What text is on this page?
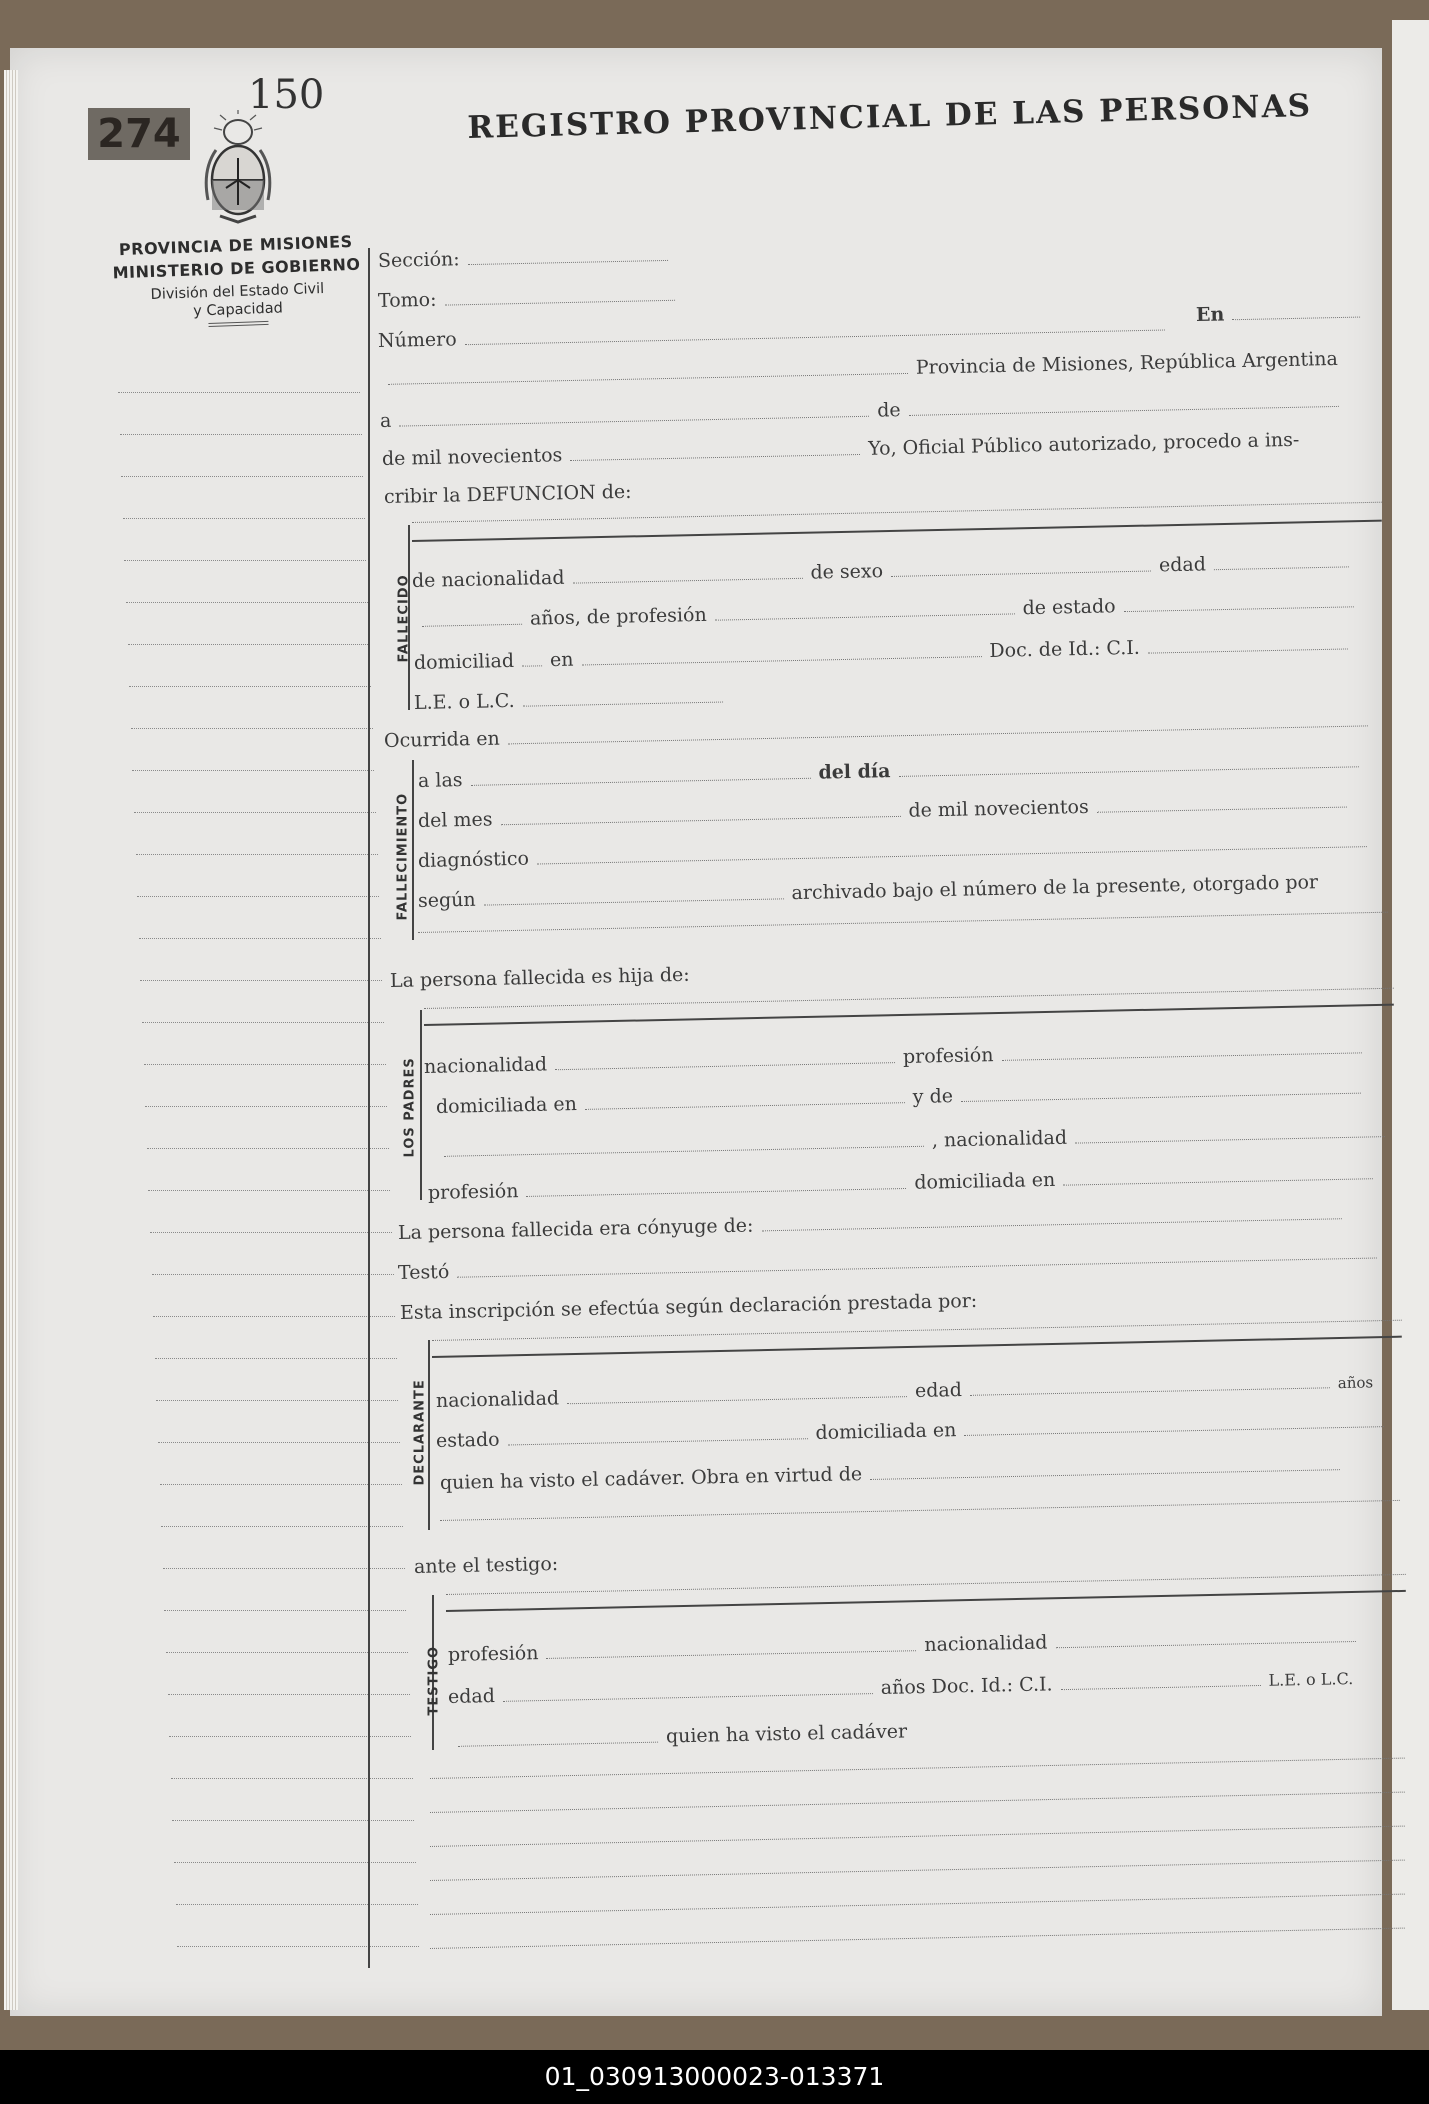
274
150	REGISTRO PROVINCIAL DE LAS PERSONAS
PROVINCIA DE MISIONES
MINISTERIO DE GOBIERNO
División del Estado Civil
y Capacidad
Sección:
Tomo:
En
Número
Provincia de Misiones, República Argentina
a	de
de mil novecientos	Yo, Oficial Público autorizado, procedo a ins-
cribir la DEFUNCION de:
FALLECIDO de nacionalidad	de sexo	edad
años, de profesión	de estado
domiciliad en	Doc. de Id.: C.I.
L.E. o L.C.
Ocurrida en
FALLECIMIENTO
a las	del día
del mes	de mil novecientos
diagnóstico
según	archivado bajo el número de la presente, otorgado por
La persona fallecida es hija de:
LOS PADRES nacionalidad	profesión
domiciliada en	y de
, nacionalidad
profesión	domiciliada en
La persona fallecida era cónyuge de:
Testó
Esta inscripción se efectúa según declaración prestada por:
DECLARANTE nacionalidad	edad	años
estado	domiciliada en
quien ha visto el cadáver. Obra en virtud de
ante el testigo:
TESTIGO profesión	nacionalidad
edad	años Doc. Id.: C.I.	L.E. o L.C.
quien ha visto el cadáver
01_030913000023-013371
